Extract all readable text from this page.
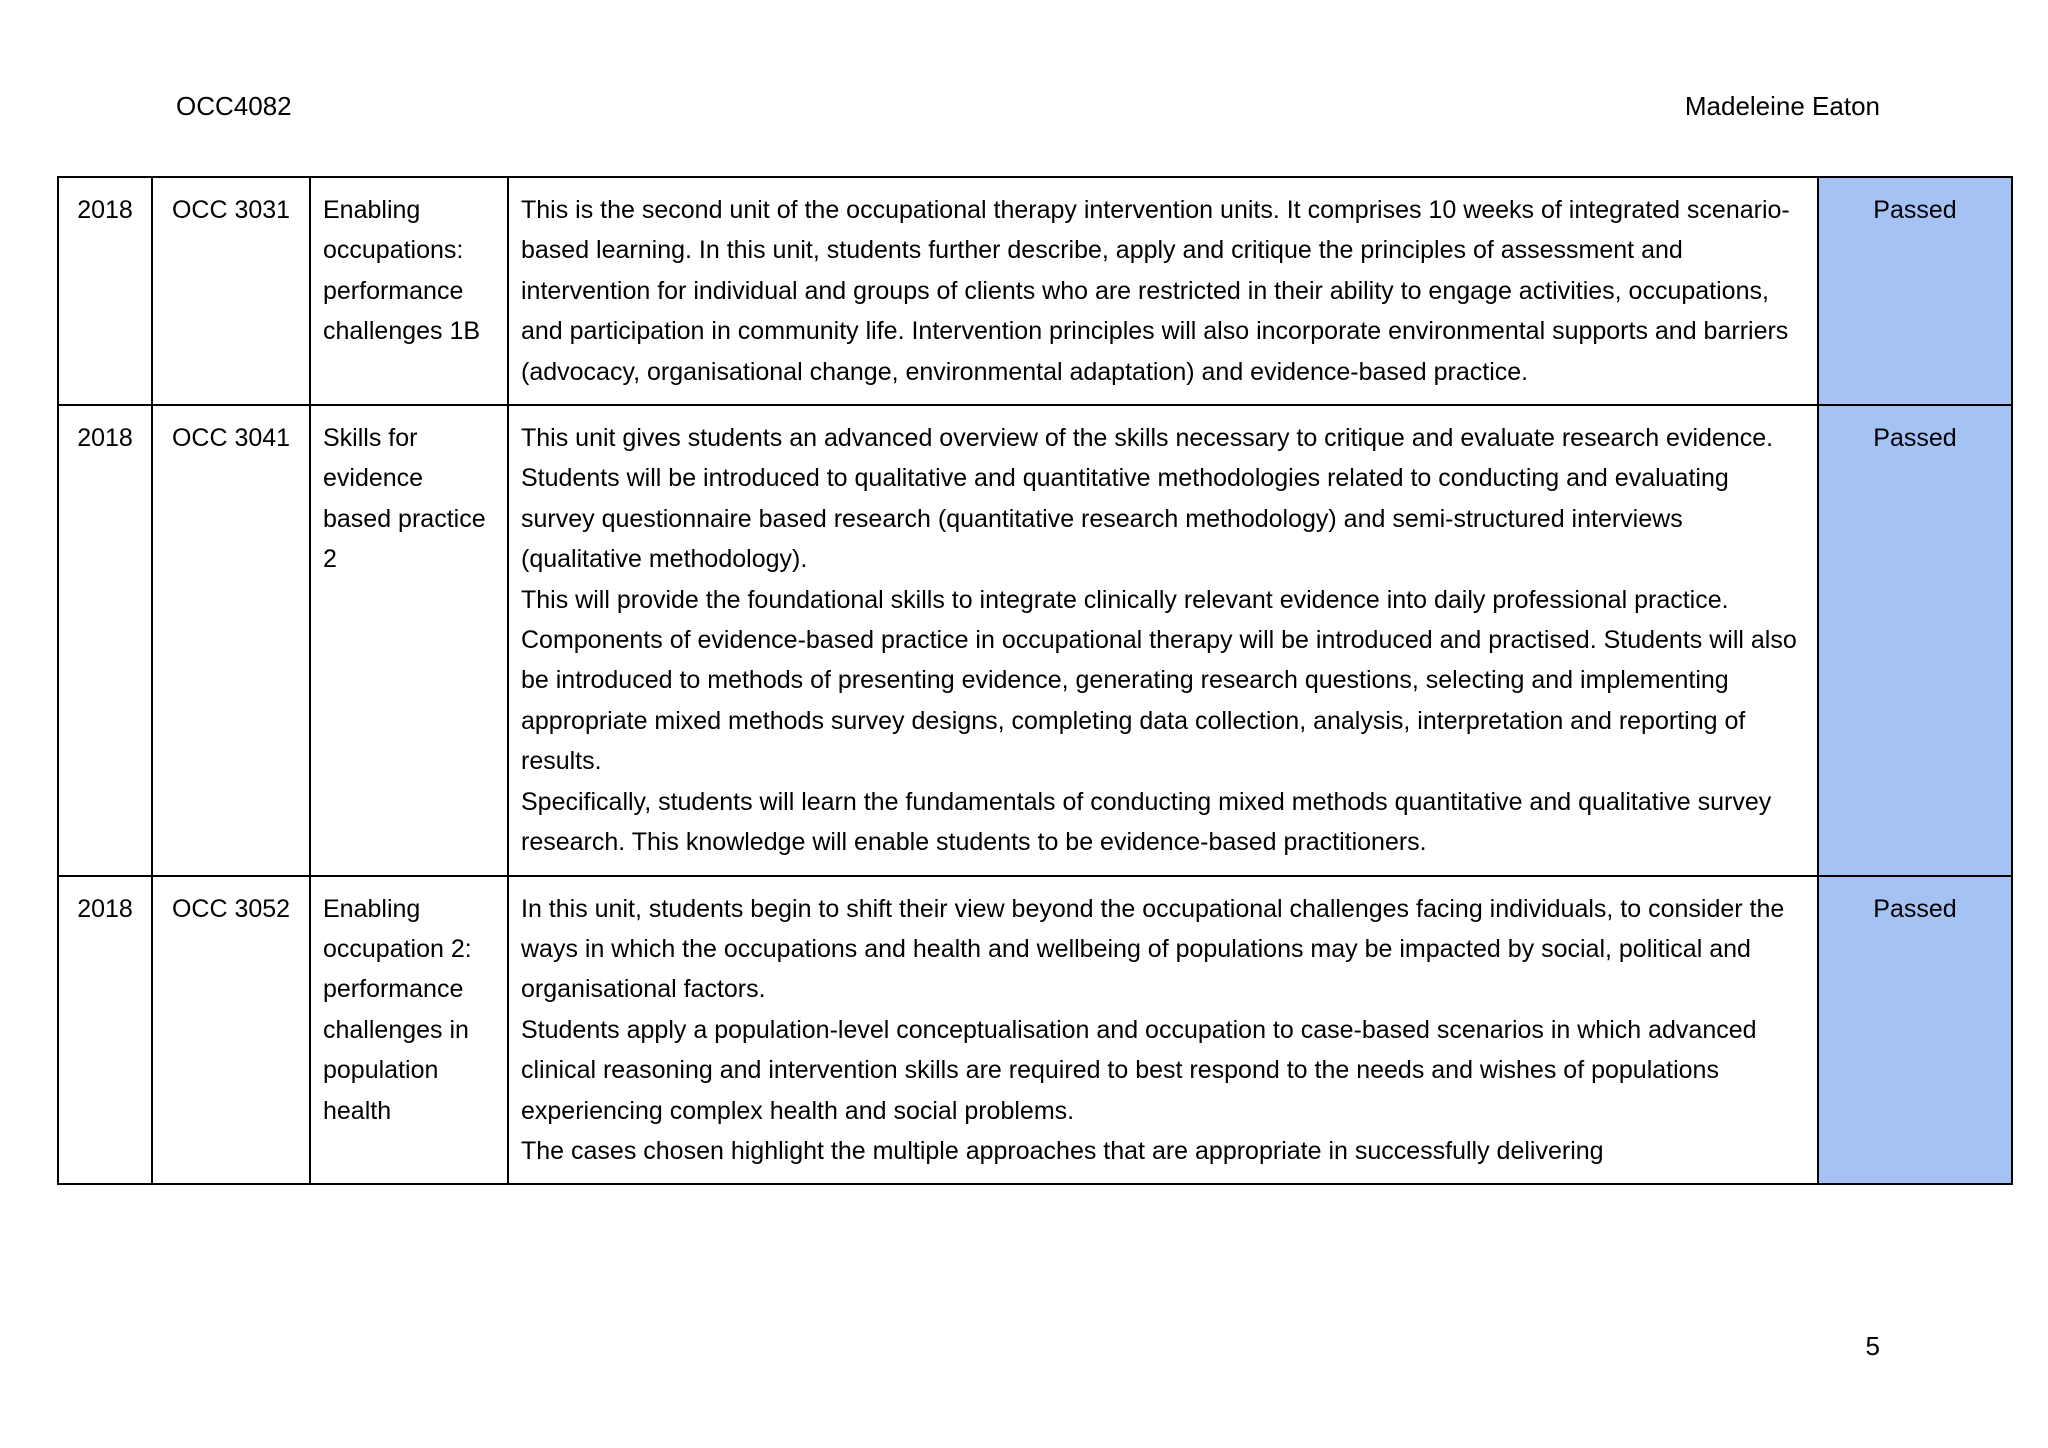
OCC4082	Madeleine Eaton
2018	OCC 3031	Enabling occupations: performance challenges 1B	This is the second unit of the occupational therapy intervention units. It comprises 10 weeks of integrated scenario-based learning. In this unit, students further describe, apply and critique the principles of assessment and intervention for individual and groups of clients who are restricted in their ability to engage activities, occupations, and participation in community life. Intervention principles will also incorporate environmental supports and barriers (advocacy, organisational change, environmental adaptation) and evidence-based practice.	Passed
2018	OCC 3041	Skills for evidence based practice 2	This unit gives students an advanced overview of the skills necessary to critique and evaluate research evidence. Students will be introduced to qualitative and quantitative methodologies related to conducting and evaluating survey questionnaire based research (quantitative research methodology) and semi-structured interviews (qualitative methodology).
This will provide the foundational skills to integrate clinically relevant evidence into daily professional practice.
Components of evidence-based practice in occupational therapy will be introduced and practised. Students will also be introduced to methods of presenting evidence, generating research questions, selecting and implementing appropriate mixed methods survey designs, completing data collection, analysis, interpretation and reporting of results.
Specifically, students will learn the fundamentals of conducting mixed methods quantitative and qualitative survey research. This knowledge will enable students to be evidence-based practitioners.	Passed
2018	OCC 3052	Enabling occupation 2: performance challenges in population health	In this unit, students begin to shift their view beyond the occupational challenges facing individuals, to consider the ways in which the occupations and health and wellbeing of populations may be impacted by social, political and organisational factors.
Students apply a population-level conceptualisation and occupation to case-based scenarios in which advanced clinical reasoning and intervention skills are required to best respond to the needs and wishes of populations experiencing complex health and social problems.
The cases chosen highlight the multiple approaches that are appropriate in successfully delivering	Passed
5
